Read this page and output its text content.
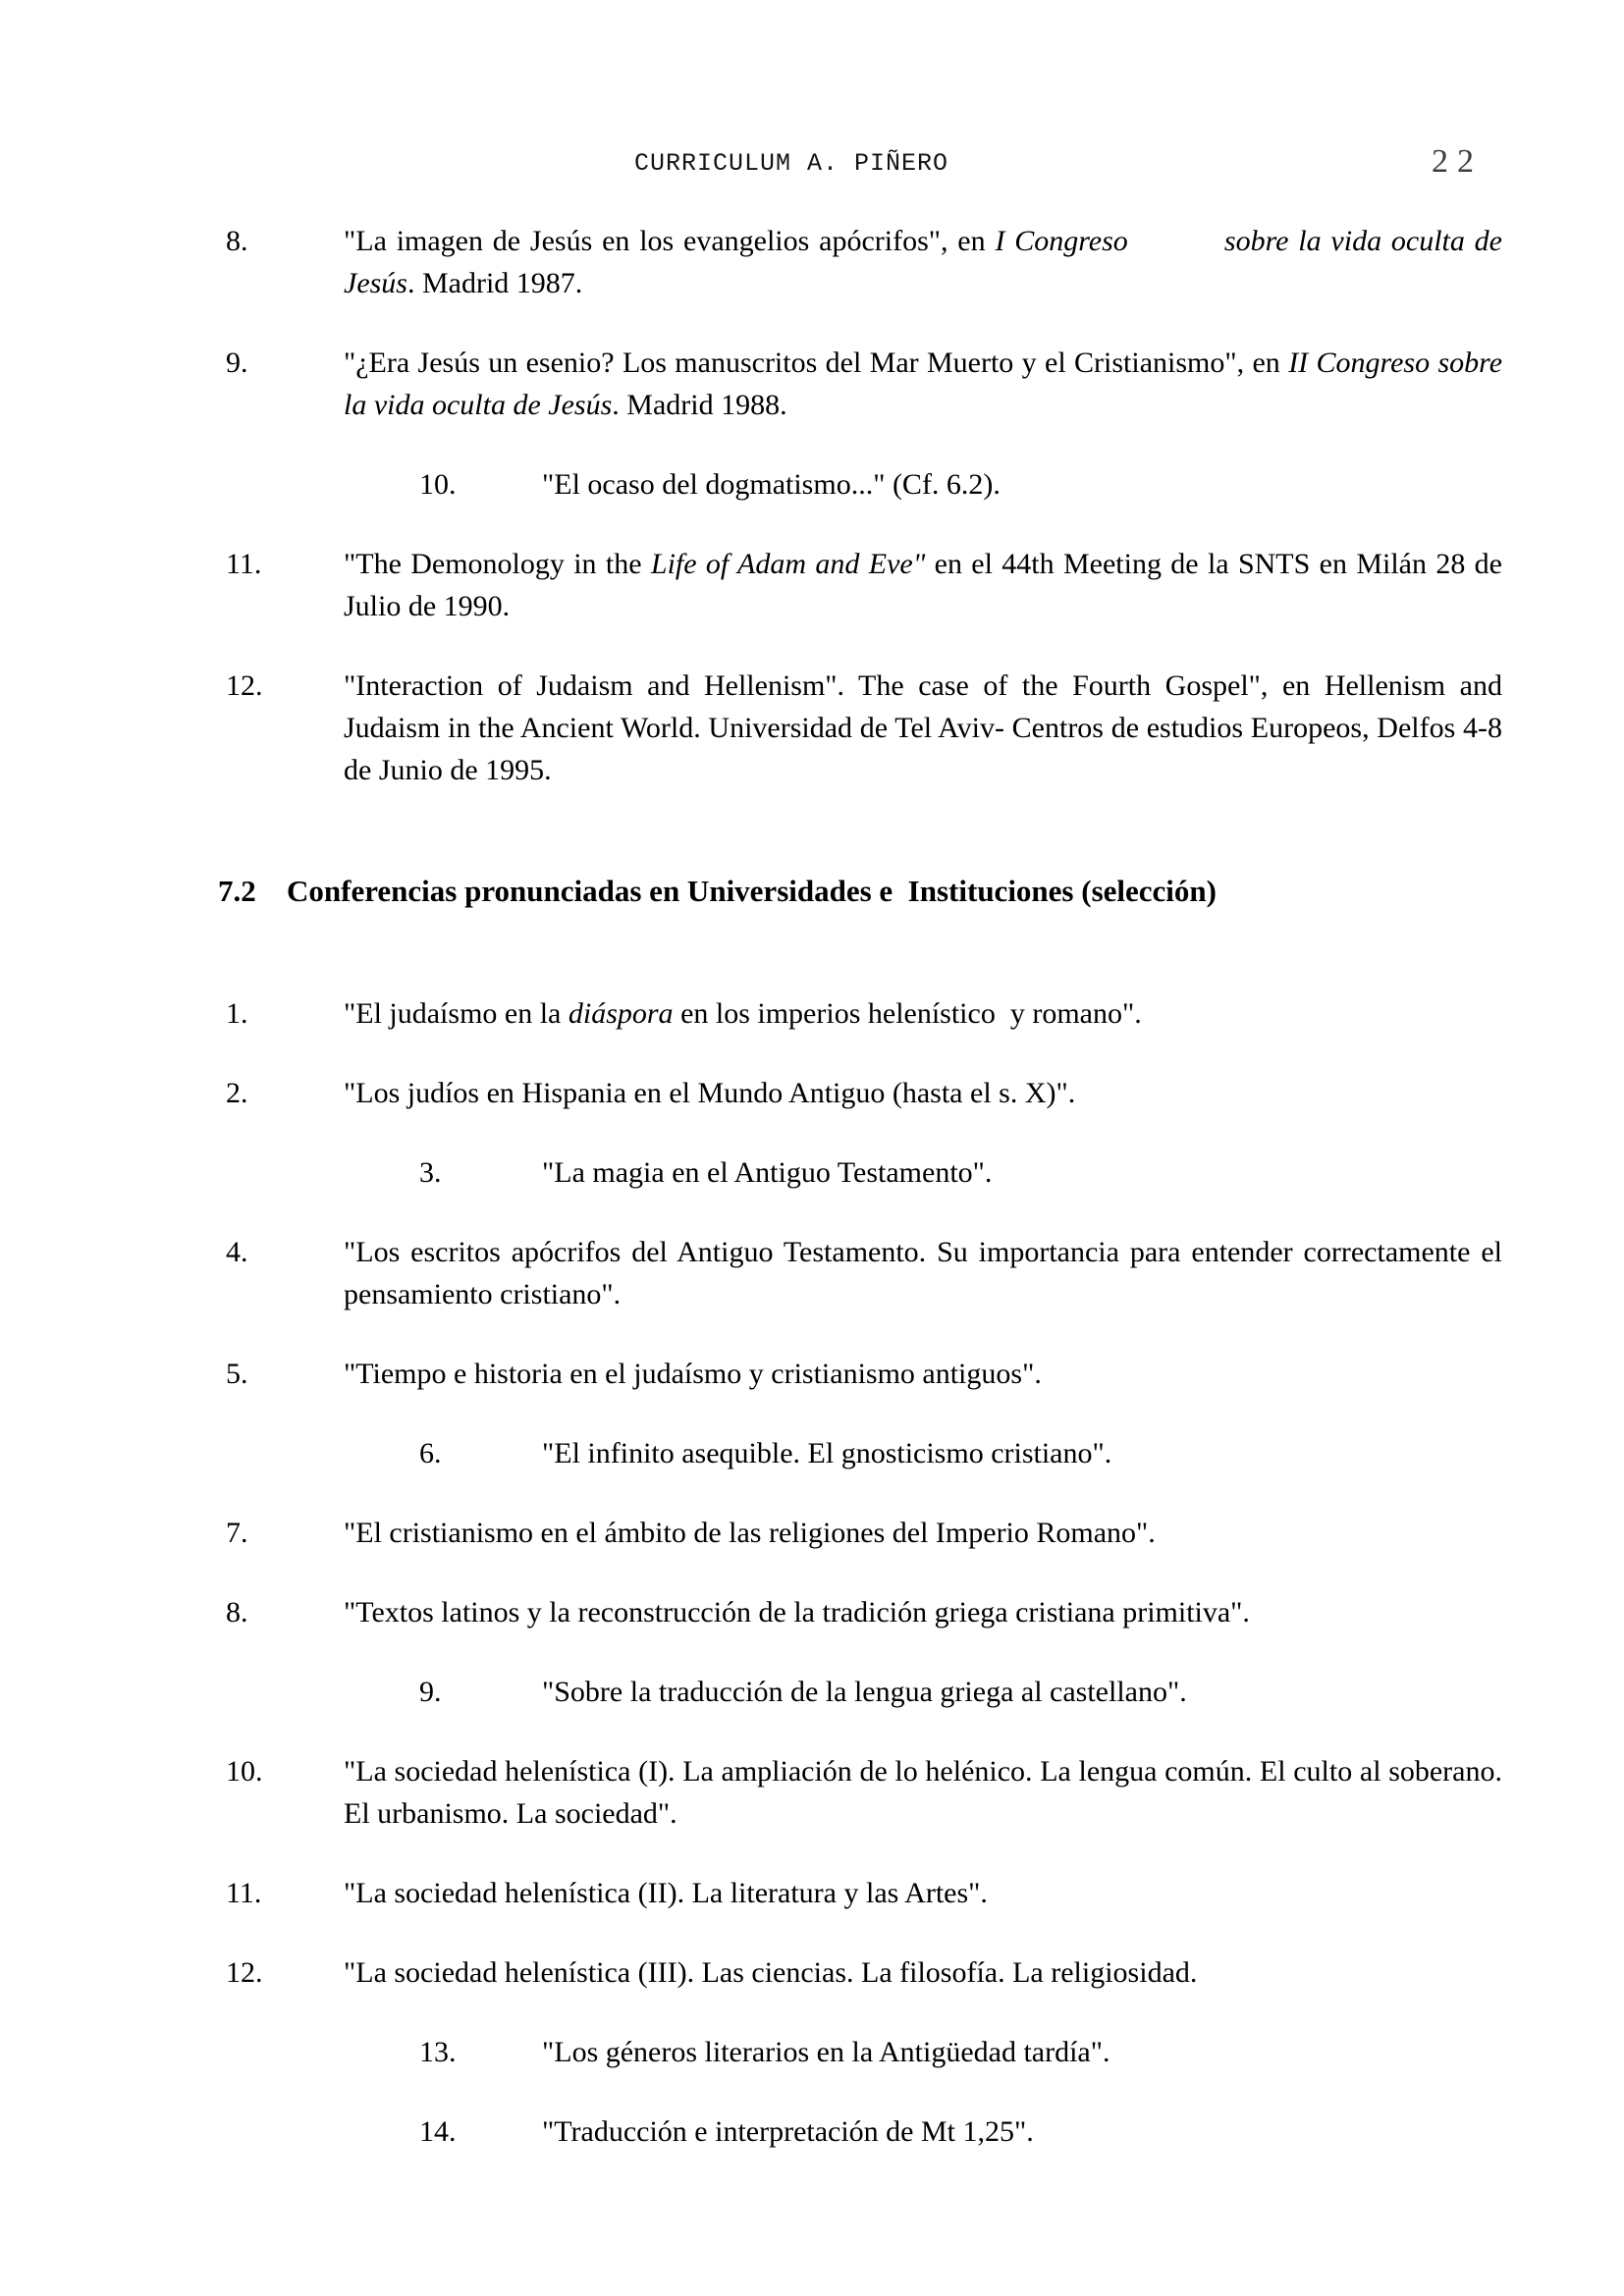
CURRICULUM A. PIÑERO	22
8.	"La imagen de Jesús en los evangelios apócrifos", en I Congreso	sobre la vida oculta de Jesús. Madrid 1987.
9.	"¿Era Jesús un esenio? Los manuscritos del Mar Muerto y el Cristianismo", en II Congreso sobre la vida oculta de Jesús. Madrid 1988.
10.	"El ocaso del dogmatismo..." (Cf. 6.2).
11.	"The Demonology in the Life of Adam and Eve" en el 44th Meeting de la SNTS en Milán 28 de Julio de 1990.
12.	"Interaction of Judaism and Hellenism". The case of the Fourth Gospel", en Hellenism and Judaism in the Ancient World. Universidad de Tel Aviv- Centros de estudios Europeos, Delfos 4-8 de Junio de 1995.
7.2	Conferencias pronunciadas en Universidades e  Instituciones (selección)
1.	"El judaísmo en la diáspora en los imperios helenístico  y romano".
2.	"Los judíos en Hispania en el Mundo Antiguo (hasta el s. X)".
3.	"La magia en el Antiguo Testamento".
4.	"Los escritos apócrifos del Antiguo Testamento. Su importancia para entender correctamente el pensamiento cristiano".
5.	"Tiempo e historia en el judaísmo y cristianismo antiguos".
6.	"El infinito asequible. El gnosticismo cristiano".
7.	"El cristianismo en el ámbito de las religiones del Imperio Romano".
8.	"Textos latinos y la reconstrucción de la tradición griega cristiana primitiva".
9.	"Sobre la traducción de la lengua griega al castellano".
10.	"La sociedad helenística (I). La ampliación de lo helénico. La lengua común. El culto al soberano. El urbanismo. La sociedad".
11.	"La sociedad helenística (II). La literatura y las Artes".
12.	"La sociedad helenística (III). Las ciencias. La filosofía. La religiosidad.
13.	"Los géneros literarios en la Antigüedad tardía".
14.	"Traducción e interpretación de Mt 1,25".
